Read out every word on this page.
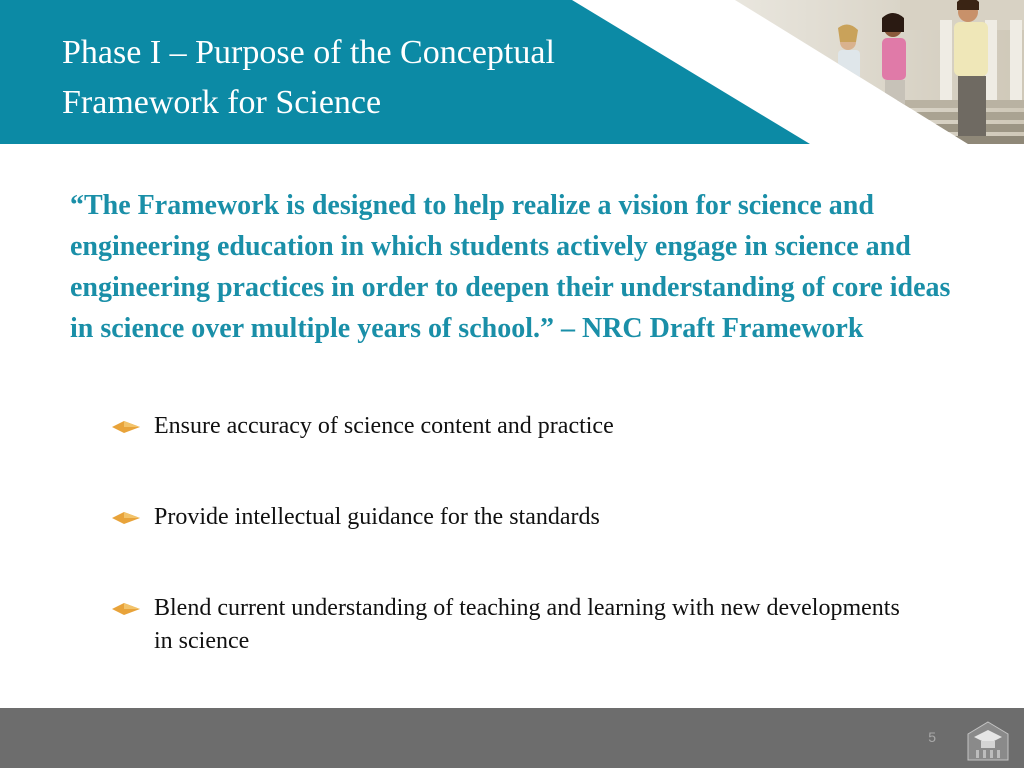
Phase I – Purpose of the Conceptual
Framework for Science

“The Framework is designed to help realize a vision for science and engineering education in which students actively engage in science and engineering practices in order to deepen their understanding of core ideas in science over multiple years of school.” – NRC Draft Framework

Ensure accuracy of science content and practice
Provide intellectual guidance for the standards
Blend current understanding of teaching and learning with new developments in science
5
